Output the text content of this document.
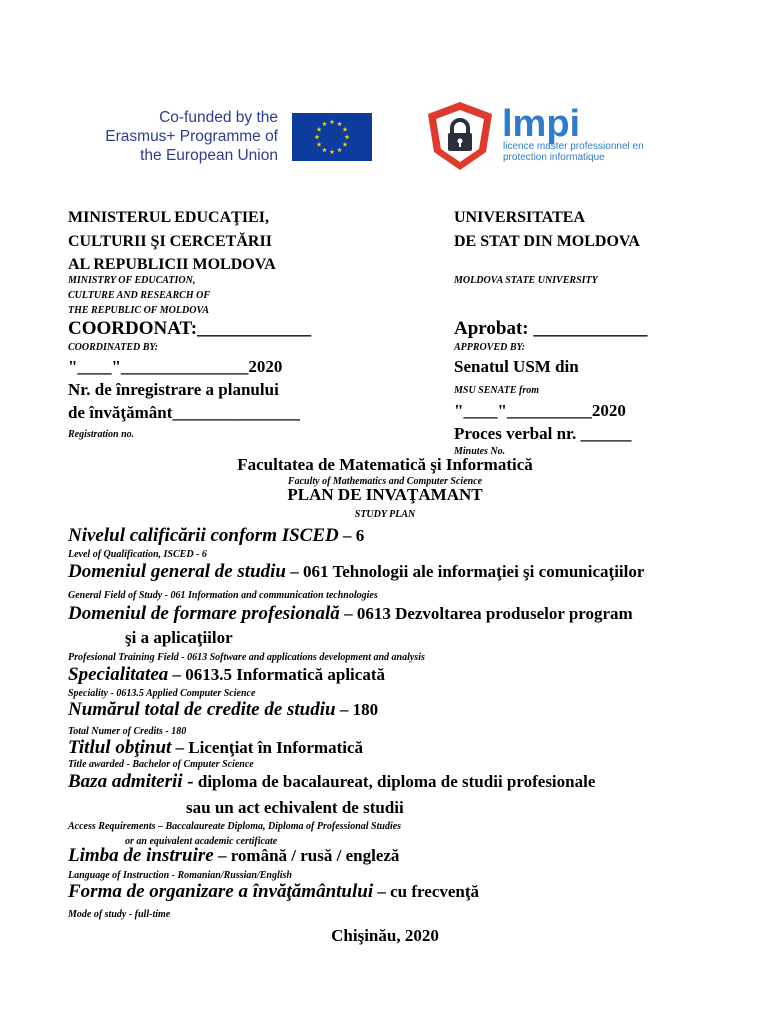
Co-funded by the Erasmus+ Programme of the European Union
lmpi
licence master professionnel en protection informatique
MINISTERUL EDUCAŢIEI,
CULTURII ŞI CERCETĂRII
AL REPUBLICII MOLDOVA
MINISTRY OF EDUCATION,
CULTURE AND RESEARCH OF
THE REPUBLIC OF MOLDOVA
UNIVERSITATEA
DE STAT DIN MOLDOVA
MOLDOVA STATE UNIVERSITY
COORDONAT:____________
COORDINATED BY:
"____"_______________2020
Nr. de înregistrare a planului
de învăţământ_______________
Registration no.
Aprobat: ____________
APPROVED BY:
Senatul USM din
MSU SENATE from
"____"__________2020
Proces verbal nr. ______
Minutes No.
Facultatea de Matematică şi Informatică
Faculty of Mathematics and Computer Science
PLAN DE INVAŢAMANT
STUDY PLAN
Nivelul calificării conform ISCED – 6
Level of Qualification, ISCED - 6
Domeniul general de studiu – 061 Tehnologii ale informaţiei şi comunicaţiilor
General Field of Study - 061 Information and communication technologies
Domeniul de formare profesională – 0613 Dezvoltarea produselor program
şi a aplicaţiilor
Profesional Training Field - 0613 Software and applications development and analysis
Specialitatea – 0613.5 Informatică aplicată
Speciality - 0613.5 Applied Computer Science
Numărul total de credite de studiu – 180
Total Numer of Credits - 180
Titlul obţinut – Licenţiat în Informatică
Title awarded - Bachelor of Cmputer Science
Baza admiterii - diploma de bacalaureat, diploma de studii profesionale
sau un act echivalent de studii
Access Requirements – Baccalaureate Diploma, Diploma of Professional Studies
or an equivalent academic certificate
Limba de instruire – română / rusă / engleză
Language of Instruction - Romanian/Russian/English
Forma de organizare a învăţământului – cu frecvenţă
Mode of study - full-time
Chişinău, 2020
